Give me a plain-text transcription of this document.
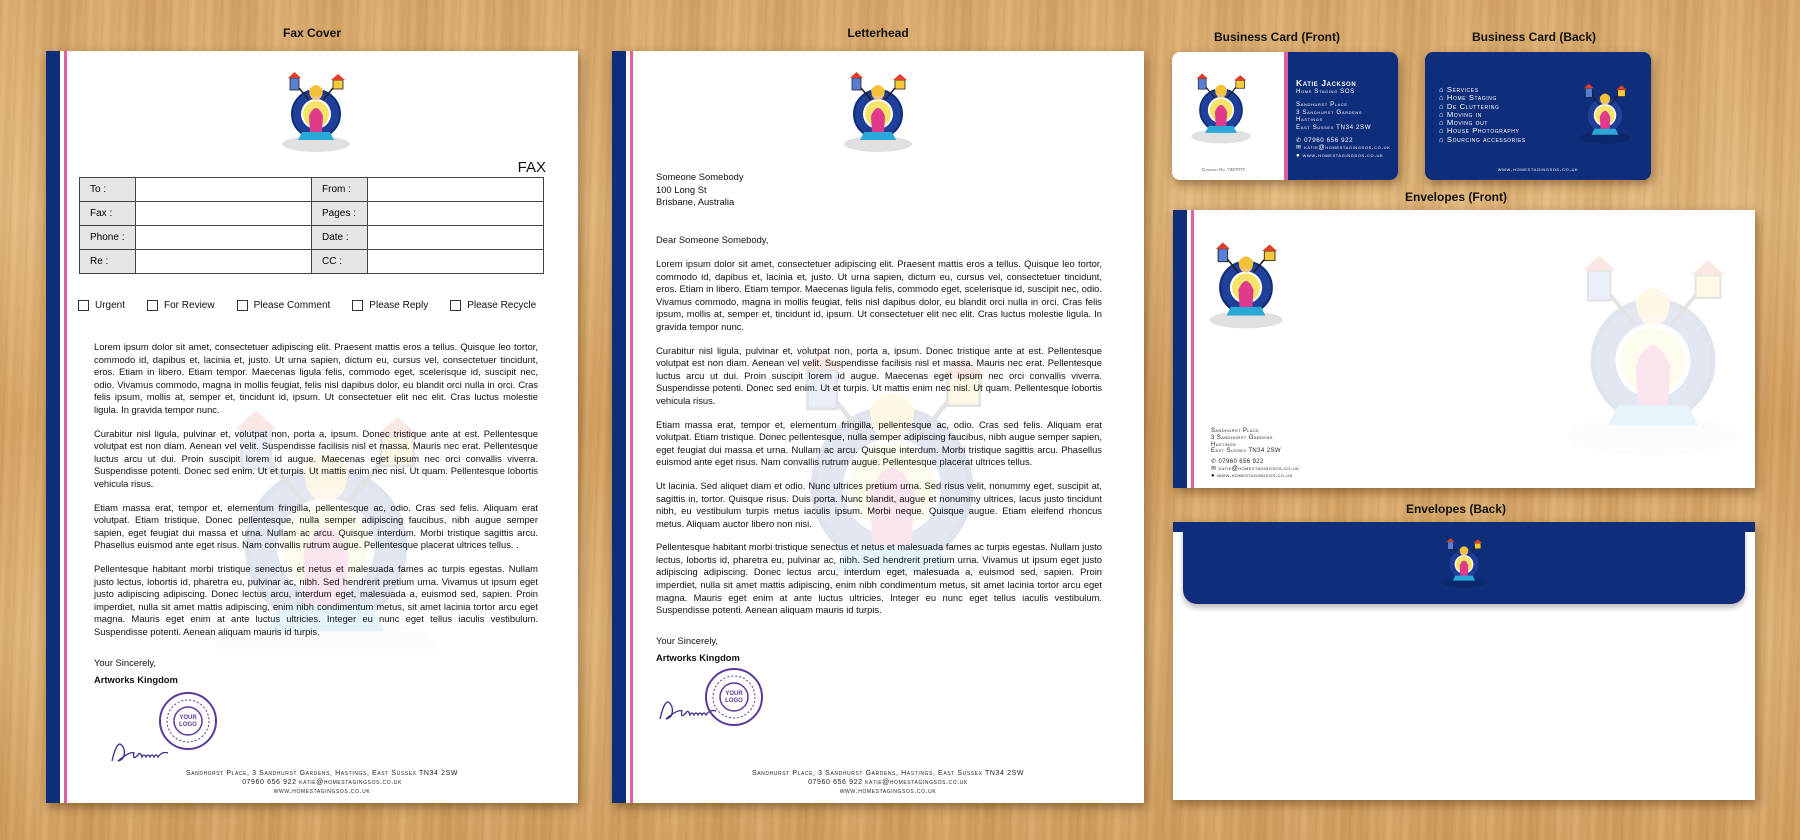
Fax Cover
FAX
To :		From :	
Fax :		Pages :	
Phone :		Date :	
Re :		CC :	
Urgent	For Review	Please Comment	Please Reply	Please Recycle

Lorem ipsum dolor sit amet, consectetuer adipiscing elit. Praesent mattis eros a tellus. Quisque leo tortor, commodo id, dapibus et, lacinia et, justo. Ut urna sapien, dictum eu, cursus vel, consectetuer tincidunt, eros. Etiam in libero. Etiam tempor. Maecenas ligula felis, commodo eget, scelerisque id, suscipit nec, odio. Vivamus commodo, magna in mollis feugiat, felis nisl dapibus dolor, eu blandit orci nulla in orci. Cras felis ipsum, mollis at, semper et, tincidunt id, ipsum. Ut consectetuer elit nec elit. Cras luctus molestie ligula. In gravida tempor nunc.

Curabitur nisl ligula, pulvinar et, volutpat non, porta a, ipsum. Donec tristique ante at est. Pellentesque volutpat est non diam. Aenean vel velit. Suspendisse facilisis nisl et massa. Mauris nec erat. Pellentesque luctus arcu ut dui. Proin suscipit lorem id augue. Maecenas eget ipsum nec orci convallis viverra. Suspendisse potenti. Donec sed enim. Ut et turpis. Ut mattis enim nec nisl. Ut quam. Pellentesque lobortis vehicula risus.

Etiam massa erat, tempor et, elementum fringilla, pellentesque ac, odio. Cras sed felis. Aliquam erat volutpat. Etiam tristique. Donec pellentesque, nulla semper adipiscing faucibus, nibh augue semper sapien, eget feugiat dui massa et urna. Nullam ac arcu. Quisque interdum. Morbi tristique sagittis arcu. Phasellus euismod ante eget risus. Nam convallis rutrum augue. Pellentesque placerat ultrices tellus. .

Pellentesque habitant morbi tristique senectus et netus et malesuada fames ac turpis egestas. Nullam justo lectus, lobortis id, pharetra eu, pulvinar ac, nibh. Sed hendrerit pretium urna. Vivamus ut ipsum eget justo adipiscing adipiscing. Donec lectus arcu, interdum eget, malesuada a, euismod sed, sapien. Proin imperdiet, nulla sit amet mattis adipiscing, enim nibh condimentum metus, sit amet lacinia tortor arcu eget magna. Mauris eget enim at ante luctus ultricies. Integer eu nunc eget tellus iaculis vestibulum. Suspendisse potenti. Aenean aliquam mauris id turpis.

Your Sincerely,
Artworks Kingdom
Sandhurst Place, 3 Sandhurst Gardens, Hastings, East Sussex TN34 2SW
07960 656 922 katie@homestagingsos.co.uk
www.homestagingsos.co.uk
Letterhead
Someone Somebody
100 Long St
Brisbane, Australia
Dear Someone Somebody,

Lorem ipsum dolor sit amet, consectetuer adipiscing elit. Praesent mattis eros a tellus. Quisque leo tortor, commodo id, dapibus et, lacinia et, justo. Ut urna sapien, dictum eu, cursus vel, consectetuer tincidunt, eros. Etiam in libero. Etiam tempor. Maecenas ligula felis, commodo eget, scelerisque id, suscipit nec, odio. Vivamus commodo, magna in mollis feugiat, felis nisl dapibus dolor, eu blandit orci nulla in orci. Cras felis ipsum, mollis at, semper et, tincidunt id, ipsum. Ut consectetuer elit nec elit. Cras luctus molestie ligula. In gravida tempor nunc.

Curabitur nisl ligula, pulvinar et, volutpat non, porta a, ipsum. Donec tristique ante at est. Pellentesque volutpat est non diam. Aenean vel velit. Suspendisse facilisis nisl et massa. Mauris nec erat. Pellentesque luctus arcu ut dui. Proin suscipit lorem id augue. Maecenas eget ipsum nec orci convallis viverra. Suspendisse potenti. Donec sed enim. Ut et turpis. Ut mattis enim nec nisl. Ut quam. Pellentesque lobortis vehicula risus.

Etiam massa erat, tempor et, elementum fringilla, pellentesque ac, odio. Cras sed felis. Aliquam erat volutpat. Etiam tristique. Donec pellentesque, nulla semper adipiscing faucibus, nibh augue semper sapien, eget feugiat dui massa et urna. Nullam ac arcu. Quisque interdum. Morbi tristique sagittis arcu. Phasellus euismod ante eget risus. Nam convallis rutrum augue. Pellentesque placerat ultrices tellus.

Ut lacinia. Sed aliquet diam et odio. Nunc ultrices pretium urna. Sed risus velit, nonummy eget, suscipit at, sagittis in, tortor. Quisque risus. Duis porta. Nunc blandit, augue et nonummy ultrices, lacus justo tincidunt nibh, eu vestibulum turpis metus iaculis ipsum. Morbi neque. Quisque augue. Etiam eleifend rhoncus metus. Aliquam auctor libero non nisi.

Pellentesque habitant morbi tristique senectus et netus et malesuada fames ac turpis egestas. Nullam justo lectus, lobortis id, pharetra eu, pulvinar ac, nibh. Sed hendrerit pretium urna. Vivamus ut ipsum eget justo adipiscing adipiscing. Donec lectus arcu, interdum eget, malesuada a, euismod sed, sapien. Proin imperdiet, nulla sit amet mattis adipiscing, enim nibh condimentum metus, sit amet lacinia tortor arcu eget magna. Mauris eget enim at ante luctus ultricies. Integer eu nunc eget tellus iaculis vestibulum. Suspendisse potenti. Aenean aliquam mauris id turpis.

Your Sincerely,
Artworks Kingdom
Sandhurst Place, 3 Sandhurst Gardens, Hastings, East Sussex TN34 2SW
07960 656 922 katie@homestagingsos.co.uk
www.homestagingsos.co.uk
Business Card (Front)
Company No. 7457077
Katie Jackson
Home Staging SOS
Sandhurst Place
3 Sandhurst Gardens
Hastings
East Sussex TN34 2SW
✆ 07960 656 922
✉ katie@homestagingsos.co.uk
● www.homestagingsos.co.uk
Business Card (Back)
⌂ Services
⌂ Home Staging
⌂ De Cluttering
⌂ Moving in
⌂ Moving out
⌂ House Photography
⌂ Sourcing accessories
www.homestagingsos.co.uk
Envelopes (Front)
Sandhurst Place
3 Sandhurst Gardens
Hastings
East Sussex TN34 2SW
✆ 07960 656 922
✉ katie@homestagingsos.co.uk
● www.homestagingsos.co.uk
Envelopes (Back)
